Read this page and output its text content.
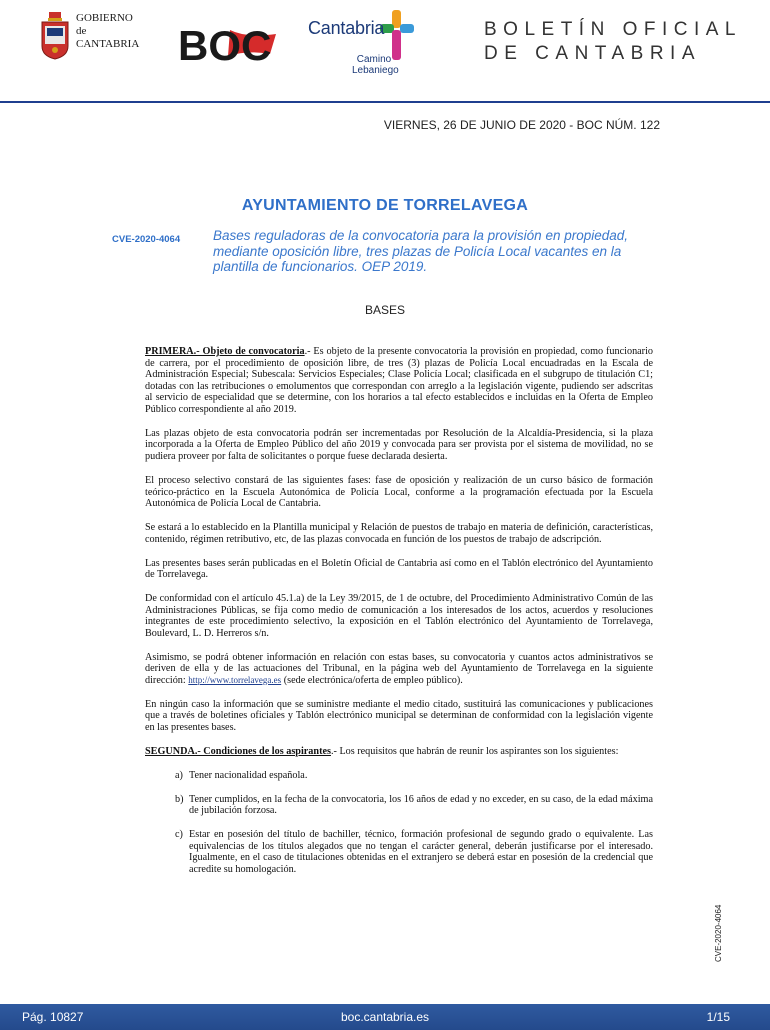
GOBIERNO
de
CANTABRIA BOC Cantabria
Camino
Lebaniego
BOLETÍN OFICIAL
DE CANTABRIA
VIERNES, 26 DE JUNIO DE 2020 - BOC NÚM. 122
AYUNTAMIENTO DE TORRELAVEGA
CVE-2020-4064 Bases reguladoras de la convocatoria para la provisión en propiedad, mediante oposición libre, tres plazas de Policía Local vacantes en la plantilla de funcionarios. OEP 2019.
BASES

PRIMERA.- Objeto de convocatoria.- Es objeto de la presente convocatoria la provisión en propiedad, como funcionario de carrera, por el procedimiento de oposición libre, de tres (3) plazas de Policía Local encuadradas en la Escala de Administración Especial; Subescala: Servicios Especiales; Clase Policía Local; clasificada en el subgrupo de titulación C1; dotadas con las retribuciones o emolumentos que correspondan con arreglo a la legislación vigente, pudiendo ser adscritas al servicio de especialidad que se determine, con los horarios a tal efecto establecidos e incluidas en la Oferta de Empleo Público correspondiente al año 2019.

Las plazas objeto de esta convocatoria podrán ser incrementadas por Resolución de la Alcaldía-Presidencia, si la plaza incorporada a la Oferta de Empleo Público del año 2019 y convocada para ser provista por el sistema de movilidad, no se pudiera proveer por falta de solicitantes o porque fuese declarada desierta.

El proceso selectivo constará de las siguientes fases: fase de oposición y realización de un curso básico de formación teórico-práctico en la Escuela Autonómica de Policía Local, conforme a la programación efectuada por la Escuela Autonómica de Policía Local de Cantabria.

Se estará a lo establecido en la Plantilla municipal y Relación de puestos de trabajo en materia de definición, características, contenido, régimen retributivo, etc, de las plazas convocada en función de los puestos de trabajo de adscripción.

Las presentes bases serán publicadas en el Boletín Oficial de Cantabria así como en el Tablón electrónico del Ayuntamiento de Torrelavega.

De conformidad con el artículo 45.1.a) de la Ley 39/2015, de 1 de octubre, del Procedimiento Administrativo Común de las Administraciones Públicas, se fija como medio de comunicación a los interesados de los actos, acuerdos y resoluciones integrantes de este procedimiento selectivo, la exposición en el Tablón electrónico del Ayuntamiento de Torrelavega, Boulevard, L. D. Herreros s/n.

Asimismo, se podrá obtener información en relación con estas bases, su convocatoria y cuantos actos administrativos se deriven de ella y de las actuaciones del Tribunal, en la página web del Ayuntamiento de Torrelavega en la siguiente dirección: http://www.torrelavega.es (sede electrónica/oferta de empleo público).

En ningún caso la información que se suministre mediante el medio citado, sustituirá las comunicaciones y publicaciones que a través de boletines oficiales y Tablón electrónico municipal se determinan de conformidad con la legislación vigente en las presentes bases.

SEGUNDA.- Condiciones de los aspirantes.- Los requisitos que habrán de reunir los aspirantes son los siguientes:

a) Tener nacionalidad española.
b) Tener cumplidos, en la fecha de la convocatoria, los 16 años de edad y no exceder, en su caso, de la edad máxima de jubilación forzosa.
c) Estar en posesión del título de bachiller, técnico, formación profesional de segundo grado o equivalente. Las equivalencias de los títulos alegados que no tengan el carácter general, deberán justificarse por el interesado. Igualmente, en el caso de titulaciones obtenidas en el extranjero se deberá estar en posesión de la credencial que acredite su homologación.
CVE-2020-4064
boc.cantabria.es
Pág. 10827	1/15
